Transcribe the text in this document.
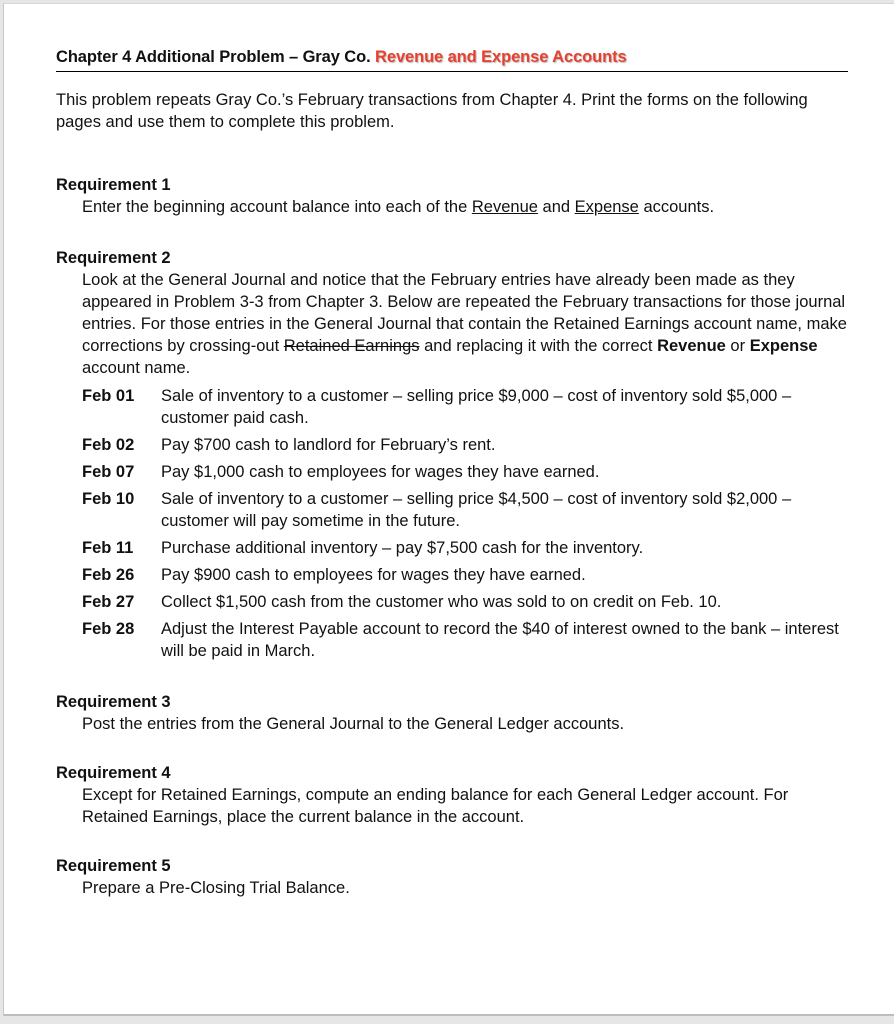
Chapter 4 Additional Problem – Gray Co. Revenue and Expense Accounts
This problem repeats Gray Co.’s February transactions from Chapter 4. Print the forms on the following pages and use them to complete this problem.
Requirement 1
Enter the beginning account balance into each of the Revenue and Expense accounts.
Requirement 2
Look at the General Journal and notice that the February entries have already been made as they appeared in Problem 3-3 from Chapter 3. Below are repeated the February transactions for those journal entries. For those entries in the General Journal that contain the Retained Earnings account name, make corrections by crossing-out Retained Earnings and replacing it with the correct Revenue or Expense account name.
Feb 01	Sale of inventory to a customer – selling price $9,000 – cost of inventory sold $5,000 – customer paid cash.
Feb 02	Pay $700 cash to landlord for February’s rent.
Feb 07	Pay $1,000 cash to employees for wages they have earned.
Feb 10	Sale of inventory to a customer – selling price $4,500 – cost of inventory sold $2,000 – customer will pay sometime in the future.
Feb 11	Purchase additional inventory – pay $7,500 cash for the inventory.
Feb 26	Pay $900 cash to employees for wages they have earned.
Feb 27	Collect $1,500 cash from the customer who was sold to on credit on Feb. 10.
Feb 28	Adjust the Interest Payable account to record the $40 of interest owned to the bank – interest will be paid in March.
Requirement 3
Post the entries from the General Journal to the General Ledger accounts.
Requirement 4
Except for Retained Earnings, compute an ending balance for each General Ledger account. For Retained Earnings, place the current balance in the account.
Requirement 5
Prepare a Pre-Closing Trial Balance.
